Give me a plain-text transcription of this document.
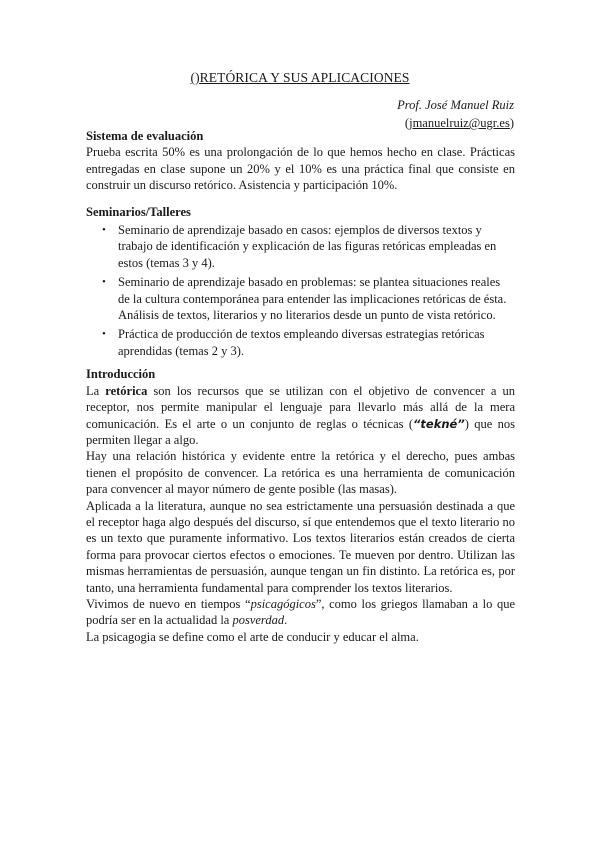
()RETÓRICA Y SUS APLICACIONES
Prof. José Manuel Ruiz
(jmanuelruiz@ugr.es)
Sistema de evaluación

Prueba escrita 50% es una prolongación de lo que hemos hecho en clase. Prácticas entregadas en clase supone un 20% y el 10% es una práctica final que consiste en construir un discurso retórico. Asistencia y participación 10%.

Seminarios/Talleres
• Seminario de aprendizaje basado en casos: ejemplos de diversos textos y trabajo de identificación y explicación de las figuras retóricas empleadas en estos (temas 3 y 4).
• Seminario de aprendizaje basado en problemas: se plantea situaciones reales de la cultura contemporánea para entender las implicaciones retóricas de ésta. Análisis de textos, literarios y no literarios desde un punto de vista retórico.
• Práctica de producción de textos empleando diversas estrategias retóricas aprendidas (temas 2 y 3).
Introducción

La retórica son los recursos que se utilizan con el objetivo de convencer a un receptor, nos permite manipular el lenguaje para llevarlo más allá de la mera comunicación. Es el arte o un conjunto de reglas o técnicas (“tekné”) que nos permiten llegar a algo.

Hay una relación histórica y evidente entre la retórica y el derecho, pues ambas tienen el propósito de convencer. La retórica es una herramienta de comunicación para convencer al mayor número de gente posible (las masas).

Aplicada a la literatura, aunque no sea estrictamente una persuasión destinada a que el receptor haga algo después del discurso, sí que entendemos que el texto literario no es un texto que puramente informativo. Los textos literarios están creados de cierta forma para provocar ciertos efectos o emociones. Te mueven por dentro. Utilizan las mismas herramientas de persuasión, aunque tengan un fin distinto. La retórica es, por tanto, una herramienta fundamental para comprender los textos literarios.

Vivimos de nuevo en tiempos “psicagógicos”, como los griegos llamaban a lo que podría ser en la actualidad la posverdad.

La psicagogia se define como el arte de conducir y educar el alma.
